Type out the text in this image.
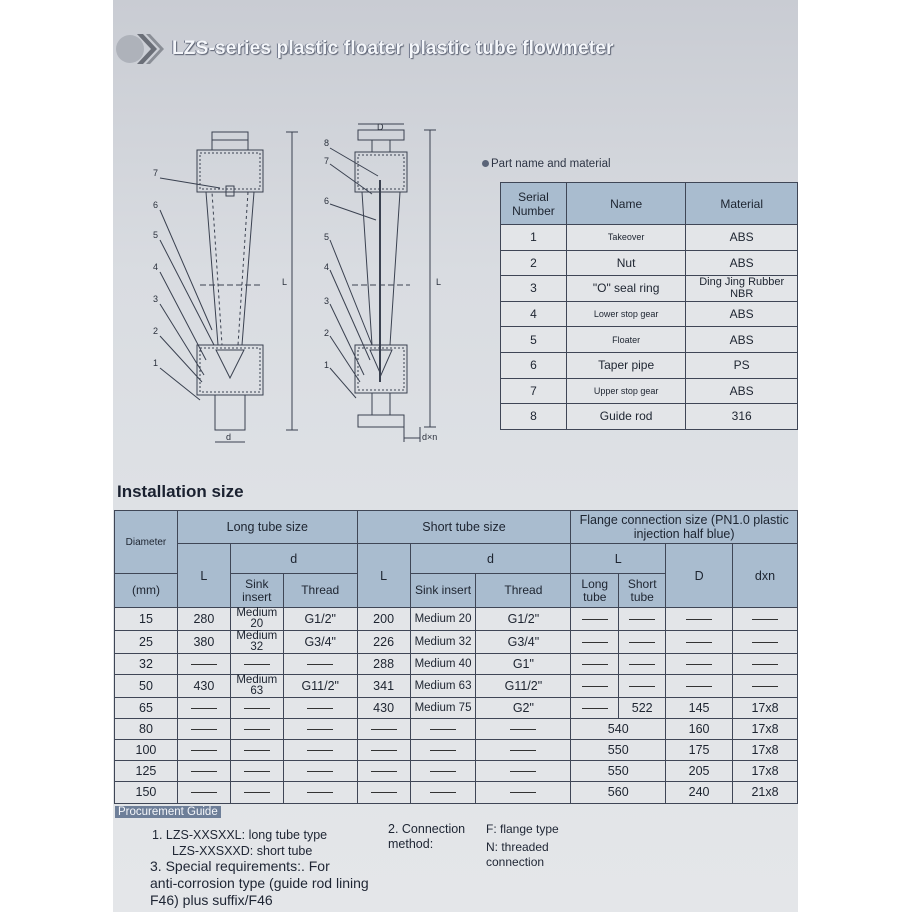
LZS-series plastic floater plastic tube flowmeter
7
6
5
4
3
2
1
8
7
6
5
4
3
2
1
L	L
d
D
d×n
Part name and material
Serial Number	Name	Material
1	Takeover	ABS
2	Nut	ABS
3	"O" seal ring	Ding Jing Rubber NBR
4	Lower stop gear	ABS
5	Floater	ABS
6	Taper pipe	PS
7	Upper stop gear	ABS
8	Guide rod	316
Installation size
Diameter	Long tube size			Short tube size			Flange connection size (PN1.0 plastic injection half blue)			
	L	d		L	d		L		D	dxn
(mm)		Sink insert	Thread		Sink insert	Thread	Long tube	Short tube		
15	280	Medium 20	G1/2"	200	Medium 20	G1/2"				
25	380	Medium 32	G3/4"	226	Medium 32	G3/4"				
32				288	Medium 40	G1"				
50	430	Medium 63	G11/2"	341	Medium 63	G11/2"				
65				430	Medium 75	G2"		522	145	17x8
80							540		160	17x8
100							550		175	17x8
125							550		205	17x8
150							560		240	21x8
Procurement Guide
1. LZS-XXSXXL: long tube type
LZS-XXSXXD: short tube
2. Connection method:
F: flange type
N: threaded connection
3. Special requirements:. For
anti-corrosion type (guide rod lining
F46) plus suffix/F46
